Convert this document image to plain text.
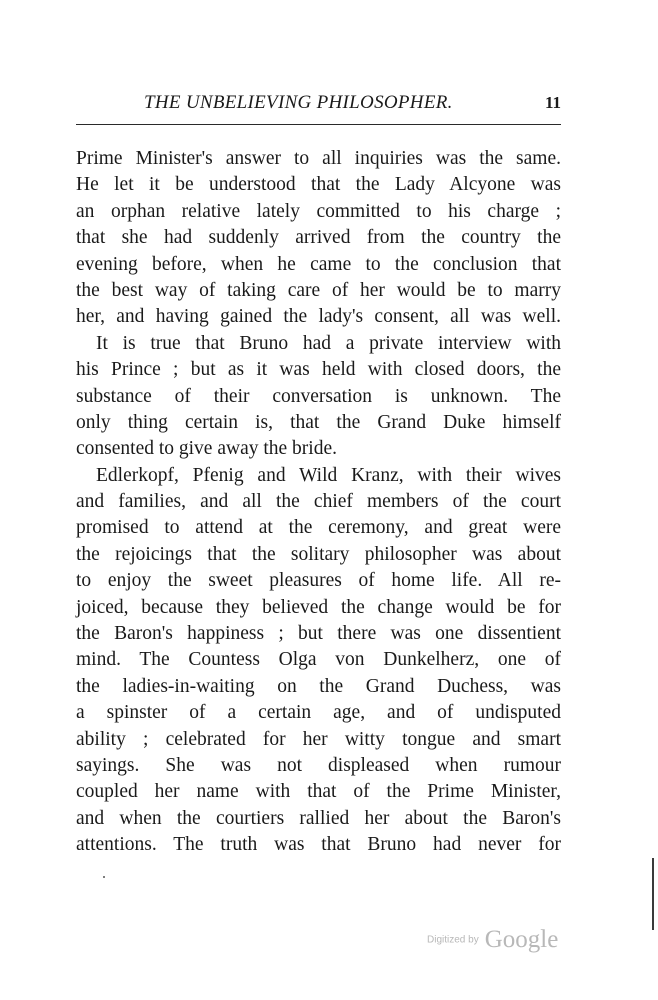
THE UNBELIEVING PHILOSOPHER.	11
Prime Minister's answer to all inquiries was the same.
He let it be understood that the Lady Alcyone was
an orphan relative lately committed to his charge ;
that she had suddenly arrived from the country the
evening before, when he came to the conclusion that
the best way of taking care of her would be to marry
her, and having gained the lady's consent, all was well.
It is true that Bruno had a private interview with
his Prince ; but as it was held with closed doors, the
substance of their conversation is unknown. The
only thing certain is, that the Grand Duke himself
consented to give away the bride.
Edlerkopf, Pfenig and Wild Kranz, with their wives
and families, and all the chief members of the court
promised to attend at the ceremony, and great were
the rejoicings that the solitary philosopher was about
to enjoy the sweet pleasures of home life. All re-
joiced, because they believed the change would be for
the Baron's happiness ; but there was one dissentient
mind. The Countess Olga von Dunkelherz, one of
the ladies-in-waiting on the Grand Duchess, was
a spinster of a certain age, and of undisputed
ability ; celebrated for her witty tongue and smart
sayings. She was not displeased when rumour
coupled her name with that of the Prime Minister,
and when the courtiers rallied her about the Baron's
attentions. The truth was that Bruno had never for
Digitized by Google
